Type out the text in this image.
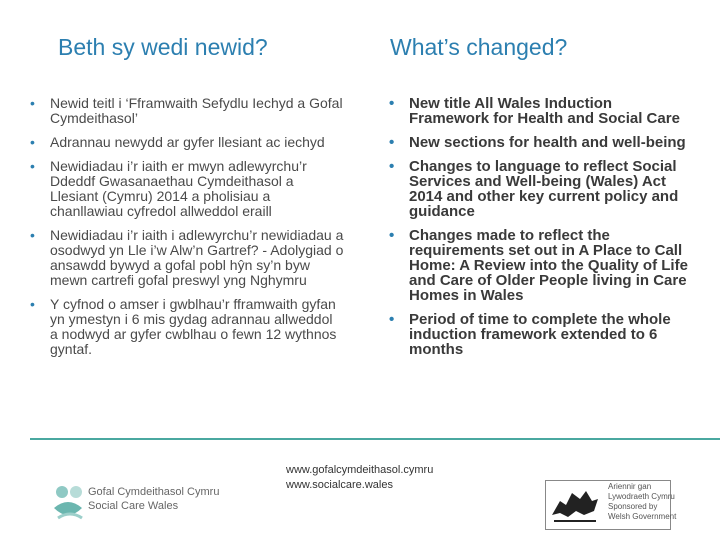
Beth sy wedi newid?	What’s changed?
• Newid teitl i ‘Fframwaith Sefydlu Iechyd a Gofal Cymdeithasol’
• Adrannau newydd ar gyfer llesiant ac iechyd
• Newidiadau i’r iaith er mwyn adlewyrchu’r Ddeddf Gwasanaethau Cymdeithasol a Llesiant (Cymru) 2014 a pholisiau a chanllawiau cyfredol allweddol eraill
• Newidiadau i’r iaith i adlewyrchu’r newidiadau a osodwyd yn Lle i’w Alw’n Gartref? - Adolygiad o ansawdd bywyd a gofal pobl hŷn sy’n byw mewn cartrefi gofal preswyl yng Nghymru
• Y cyfnod o amser i gwblhau’r fframwaith gyfan yn ymestyn i 6 mis gydag adrannau allweddol a nodwyd ar gyfer cwblhau o fewn 12 wythnos gyntaf.
• New title All Wales Induction Framework for Health and Social Care
• New sections for health and well-being
• Changes to language to reflect Social Services and Well-being (Wales) Act 2014 and other key current policy and guidance
• Changes made to reflect the requirements set out in A Place to Call Home: A Review into the Quality of Life and Care of Older People living in Care Homes in Wales
• Period of time to complete the whole induction framework extended to 6 months
Gofal Cymdeithasol Cymru
Social Care Wales
www.gofalcymdeithasol.cymru
www.socialcare.wales	Ariennir gan
Lywodraeth Cymru
Sponsored by
Welsh Government
